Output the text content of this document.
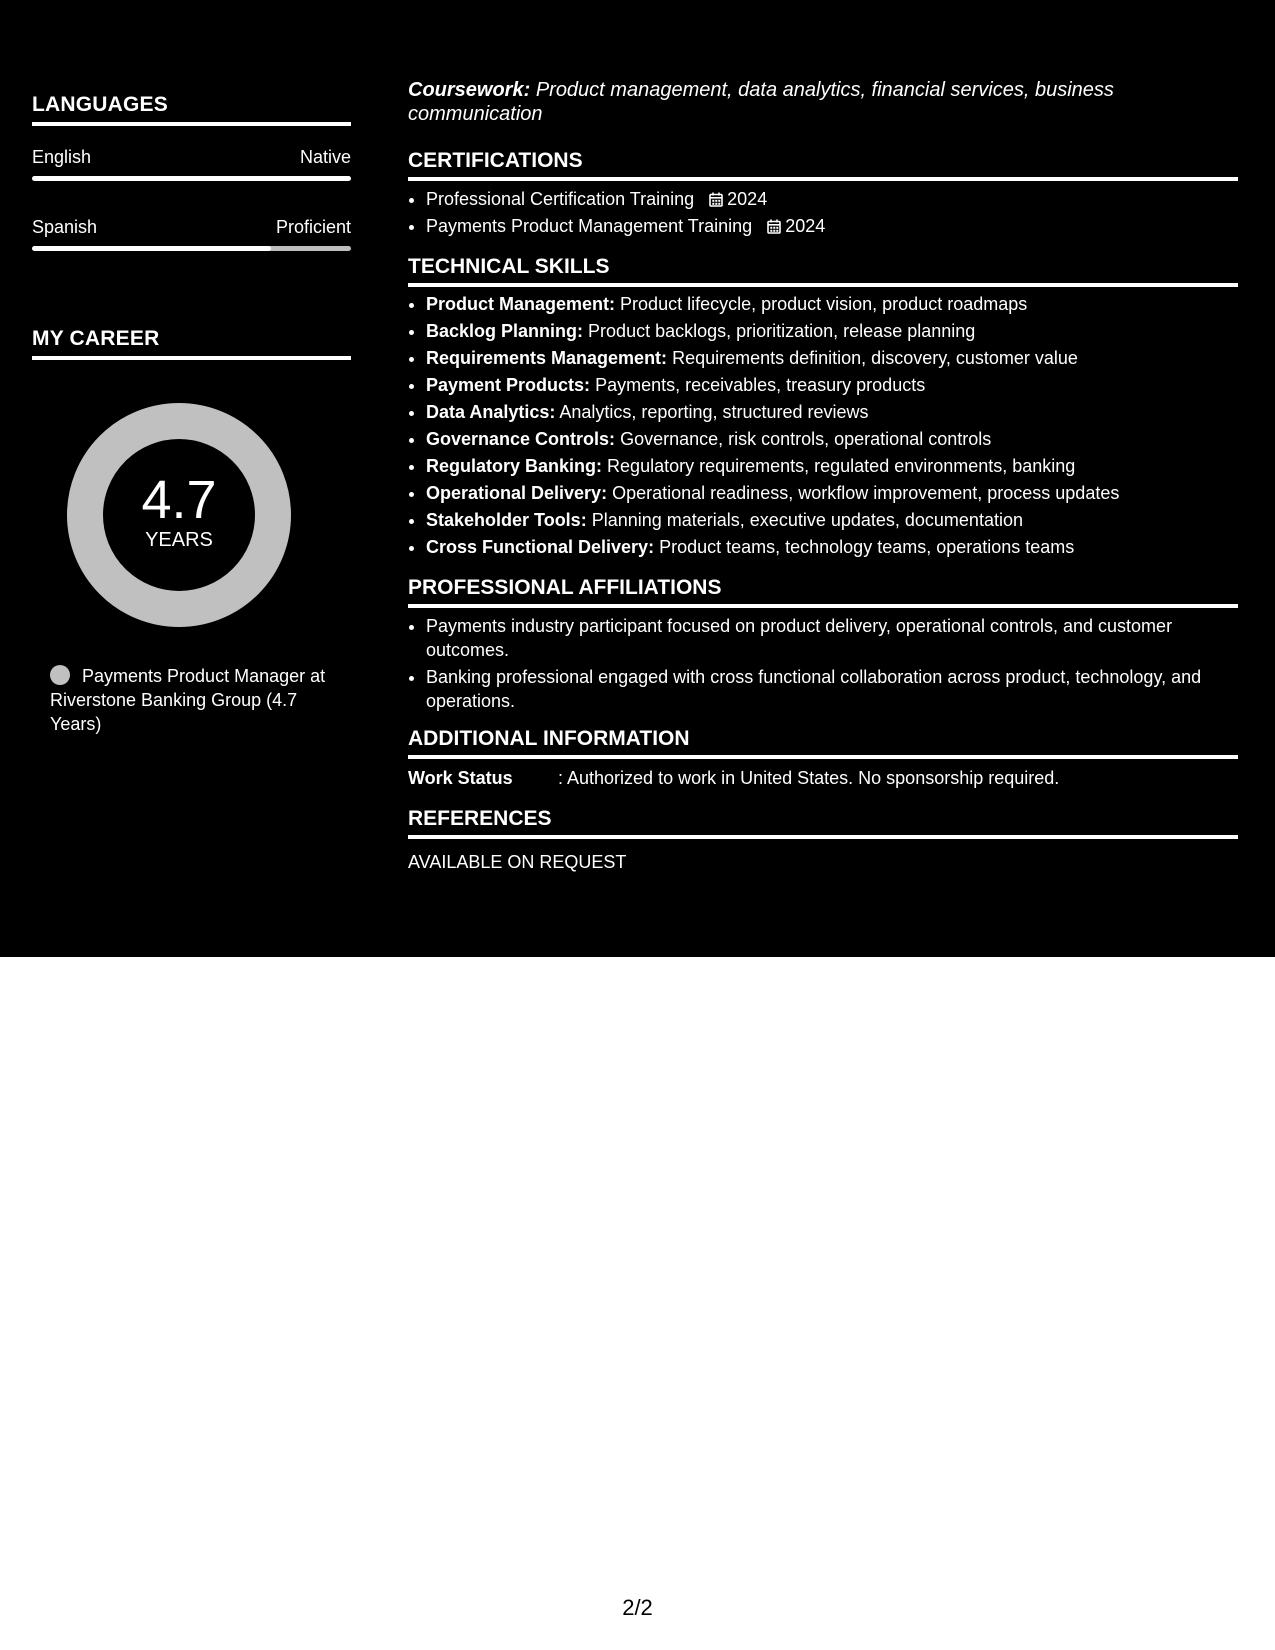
LANGUAGES
English	Native
Spanish	Proficient
MY CAREER
4.7
YEARS
Payments Product Manager at Riverstone Banking Group (4.7 Years)
Coursework: Product management, data analytics, financial services, business communication
CERTIFICATIONS
• Professional Certification Training 2024
• Payments Product Management Training 2024
TECHNICAL SKILLS
• Product Management: Product lifecycle, product vision, product roadmaps
• Backlog Planning: Product backlogs, prioritization, release planning
• Requirements Management: Requirements definition, discovery, customer value
• Payment Products: Payments, receivables, treasury products
• Data Analytics: Analytics, reporting, structured reviews
• Governance Controls: Governance, risk controls, operational controls
• Regulatory Banking: Regulatory requirements, regulated environments, banking
• Operational Delivery: Operational readiness, workflow improvement, process updates
• Stakeholder Tools: Planning materials, executive updates, documentation
• Cross Functional Delivery: Product teams, technology teams, operations teams
PROFESSIONAL AFFILIATIONS
• Payments industry participant focused on product delivery, operational controls, and customer outcomes.
• Banking professional engaged with cross functional collaboration across product, technology, and operations.
ADDITIONAL INFORMATION
Work Status	: Authorized to work in United States. No sponsorship required.
REFERENCES
AVAILABLE ON REQUEST
2/2
